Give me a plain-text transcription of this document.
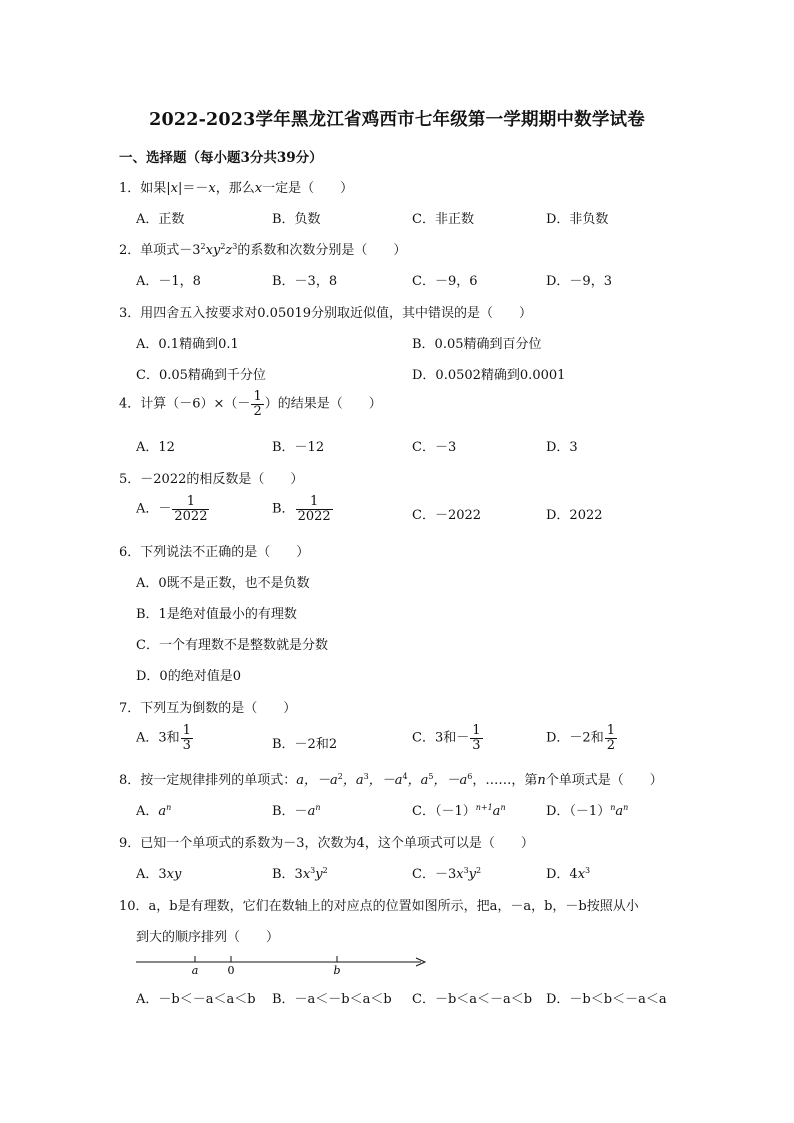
2022-2023学年黑龙江省鸡西市七年级第一学期期中数学试卷
一、选择题（每小题3分共39分）
1．如果|x|＝－x，那么x一定是（　　）
A．正数	B．负数	C．非正数	D．非负数
2．单项式$-3^2xy^2z^3$的系数和次数分别是（　　）
A．－1，8	B．－3，8	C．－9，6	D．－9，3
3．用四舍五入按要求对0.05019分别取近似值，其中错误的是（　　）
A．0.1精确到0.1	B．0.05精确到百分位
C．0.05精确到千分位	D．0.0502精确到0.0001
4．计算$(-6)\times(- \frac{1}{2}$ ）的结果是（　　）
A．12	B．－12	C．－3	D．3
5．－2022的相反数是（　　）
A．－ $\frac{1}{2022}$	B． $\frac{1}{2022}$	C．－2022	D．2022
6．下列说法不正确的是（　　）
A．0既不是正数，也不是负数
B．1是绝对值最小的有理数
C．一个有理数不是整数就是分数
D．0的绝对值是0
7．下列互为倒数的是（　　）
A．3和 $\frac{1}{3}$	B．－2和2	C．3和－ $\frac{1}{3}$	D．－2和 $\frac{1}{2}$
8．按一定规律排列的单项式：a，$-a^2$，$a^3$，$-a^4$，$a^5$，$-a^6$，……，第n个单项式是（　　）
A．$a^n$	B．$-a^n$	C．$(-1)^{n+1}a^n$	D．$(-1)^na^n$
9．已知一个单项式的系数为－3，次数为4，这个单项式可以是（　　）
A．3xy	B．$3x^3y^2$	C．$-3x^3y^2$	D．$4x^3$
10．a，b是有理数，它们在数轴上的对应点的位置如图所示，把a，－a，b，－b按照从小
到大的顺序排列（　　）
a	0	b
A．－b＜－a＜a＜b B．－a＜－b＜a＜b C．－b＜a＜－a＜b D．－b＜b＜－a＜a
